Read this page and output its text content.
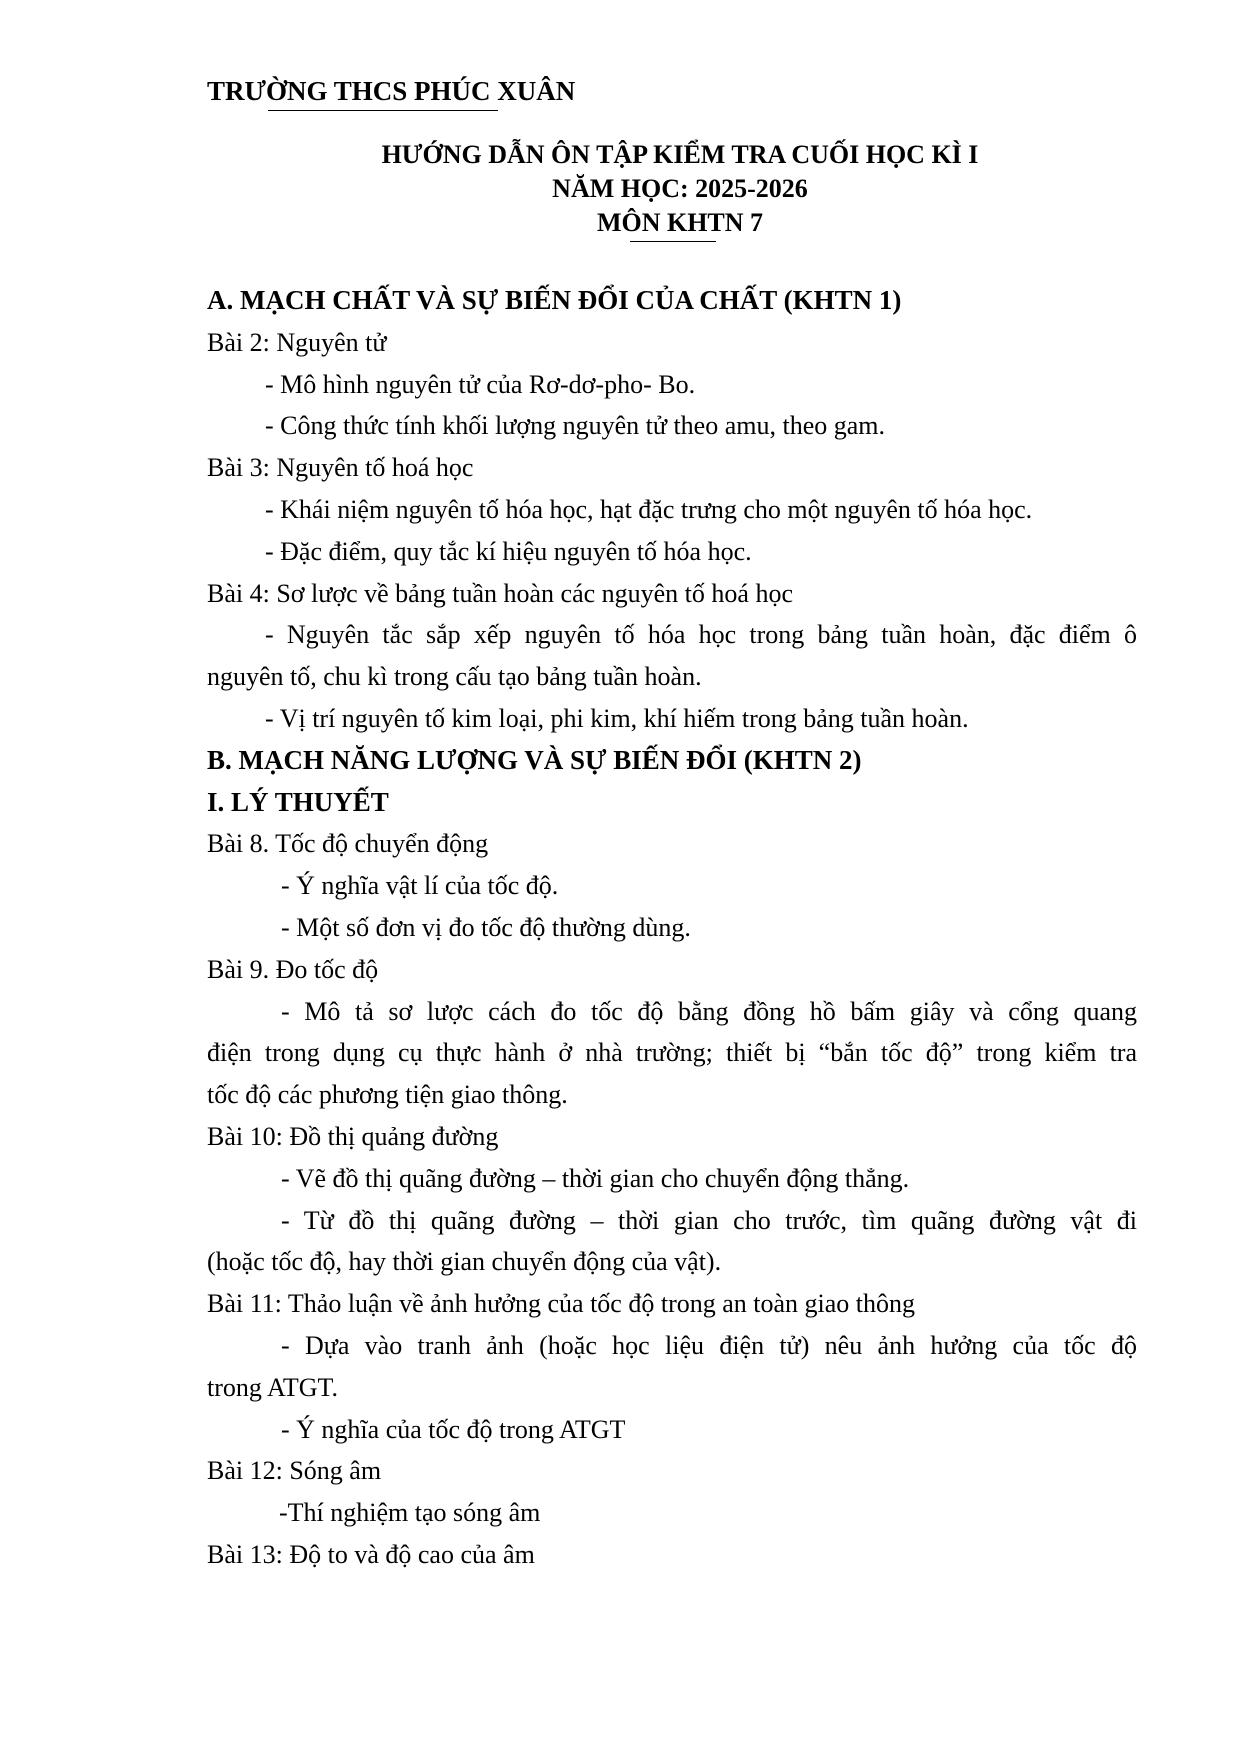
TRƯỜNG THCS PHÚC XUÂN
HƯỚNG DẪN ÔN TẬP KIỂM TRA CUỐI HỌC KÌ I
NĂM HỌC: 2025-2026
MÔN KHTN 7
A. MẠCH CHẤT VÀ SỰ BIẾN ĐỔI CỦA CHẤT (KHTN 1)
Bài 2: Nguyên tử
- Mô hình nguyên tử của Rơ-dơ-pho- Bo.
- Công thức tính khối lượng nguyên tử theo amu, theo gam.
Bài 3: Nguyên tố hoá học
- Khái niệm nguyên tố hóa học, hạt đặc trưng cho một nguyên tố hóa học.
- Đặc điểm, quy tắc kí hiệu nguyên tố hóa học.
Bài 4: Sơ lược về bảng tuần hoàn các nguyên tố hoá học
- Nguyên tắc sắp xếp nguyên tố hóa học trong bảng tuần hoàn, đặc điểm ô
nguyên tố, chu kì trong cấu tạo bảng tuần hoàn.
- Vị trí nguyên tố kim loại, phi kim, khí hiếm trong bảng tuần hoàn.
B. MẠCH NĂNG LƯỢNG VÀ SỰ BIẾN ĐỔI (KHTN 2)
I. LÝ THUYẾT
Bài 8. Tốc độ chuyển động
- Ý nghĩa vật lí của tốc độ.
- Một số đơn vị đo tốc độ thường dùng.
Bài 9. Đo tốc độ
- Mô tả sơ lược cách đo tốc độ bằng đồng hồ bấm giây và cổng quang
điện trong dụng cụ thực hành ở nhà trường; thiết bị “bắn tốc độ” trong kiểm tra
tốc độ các phương tiện giao thông.
Bài 10: Đồ thị quảng đường
- Vẽ đồ thị quãng đường – thời gian cho chuyển động thẳng.
- Từ đồ thị quãng đường – thời gian cho trước, tìm quãng đường vật đi
(hoặc tốc độ, hay thời gian chuyển động của vật).
Bài 11: Thảo luận về ảnh hưởng của tốc độ trong an toàn giao thông
- Dựa vào tranh ảnh (hoặc học liệu điện tử) nêu ảnh hưởng của tốc độ
trong ATGT.
- Ý nghĩa của tốc độ trong ATGT
Bài 12: Sóng âm
-Thí nghiệm tạo sóng âm
Bài 13: Độ to và độ cao của âm
